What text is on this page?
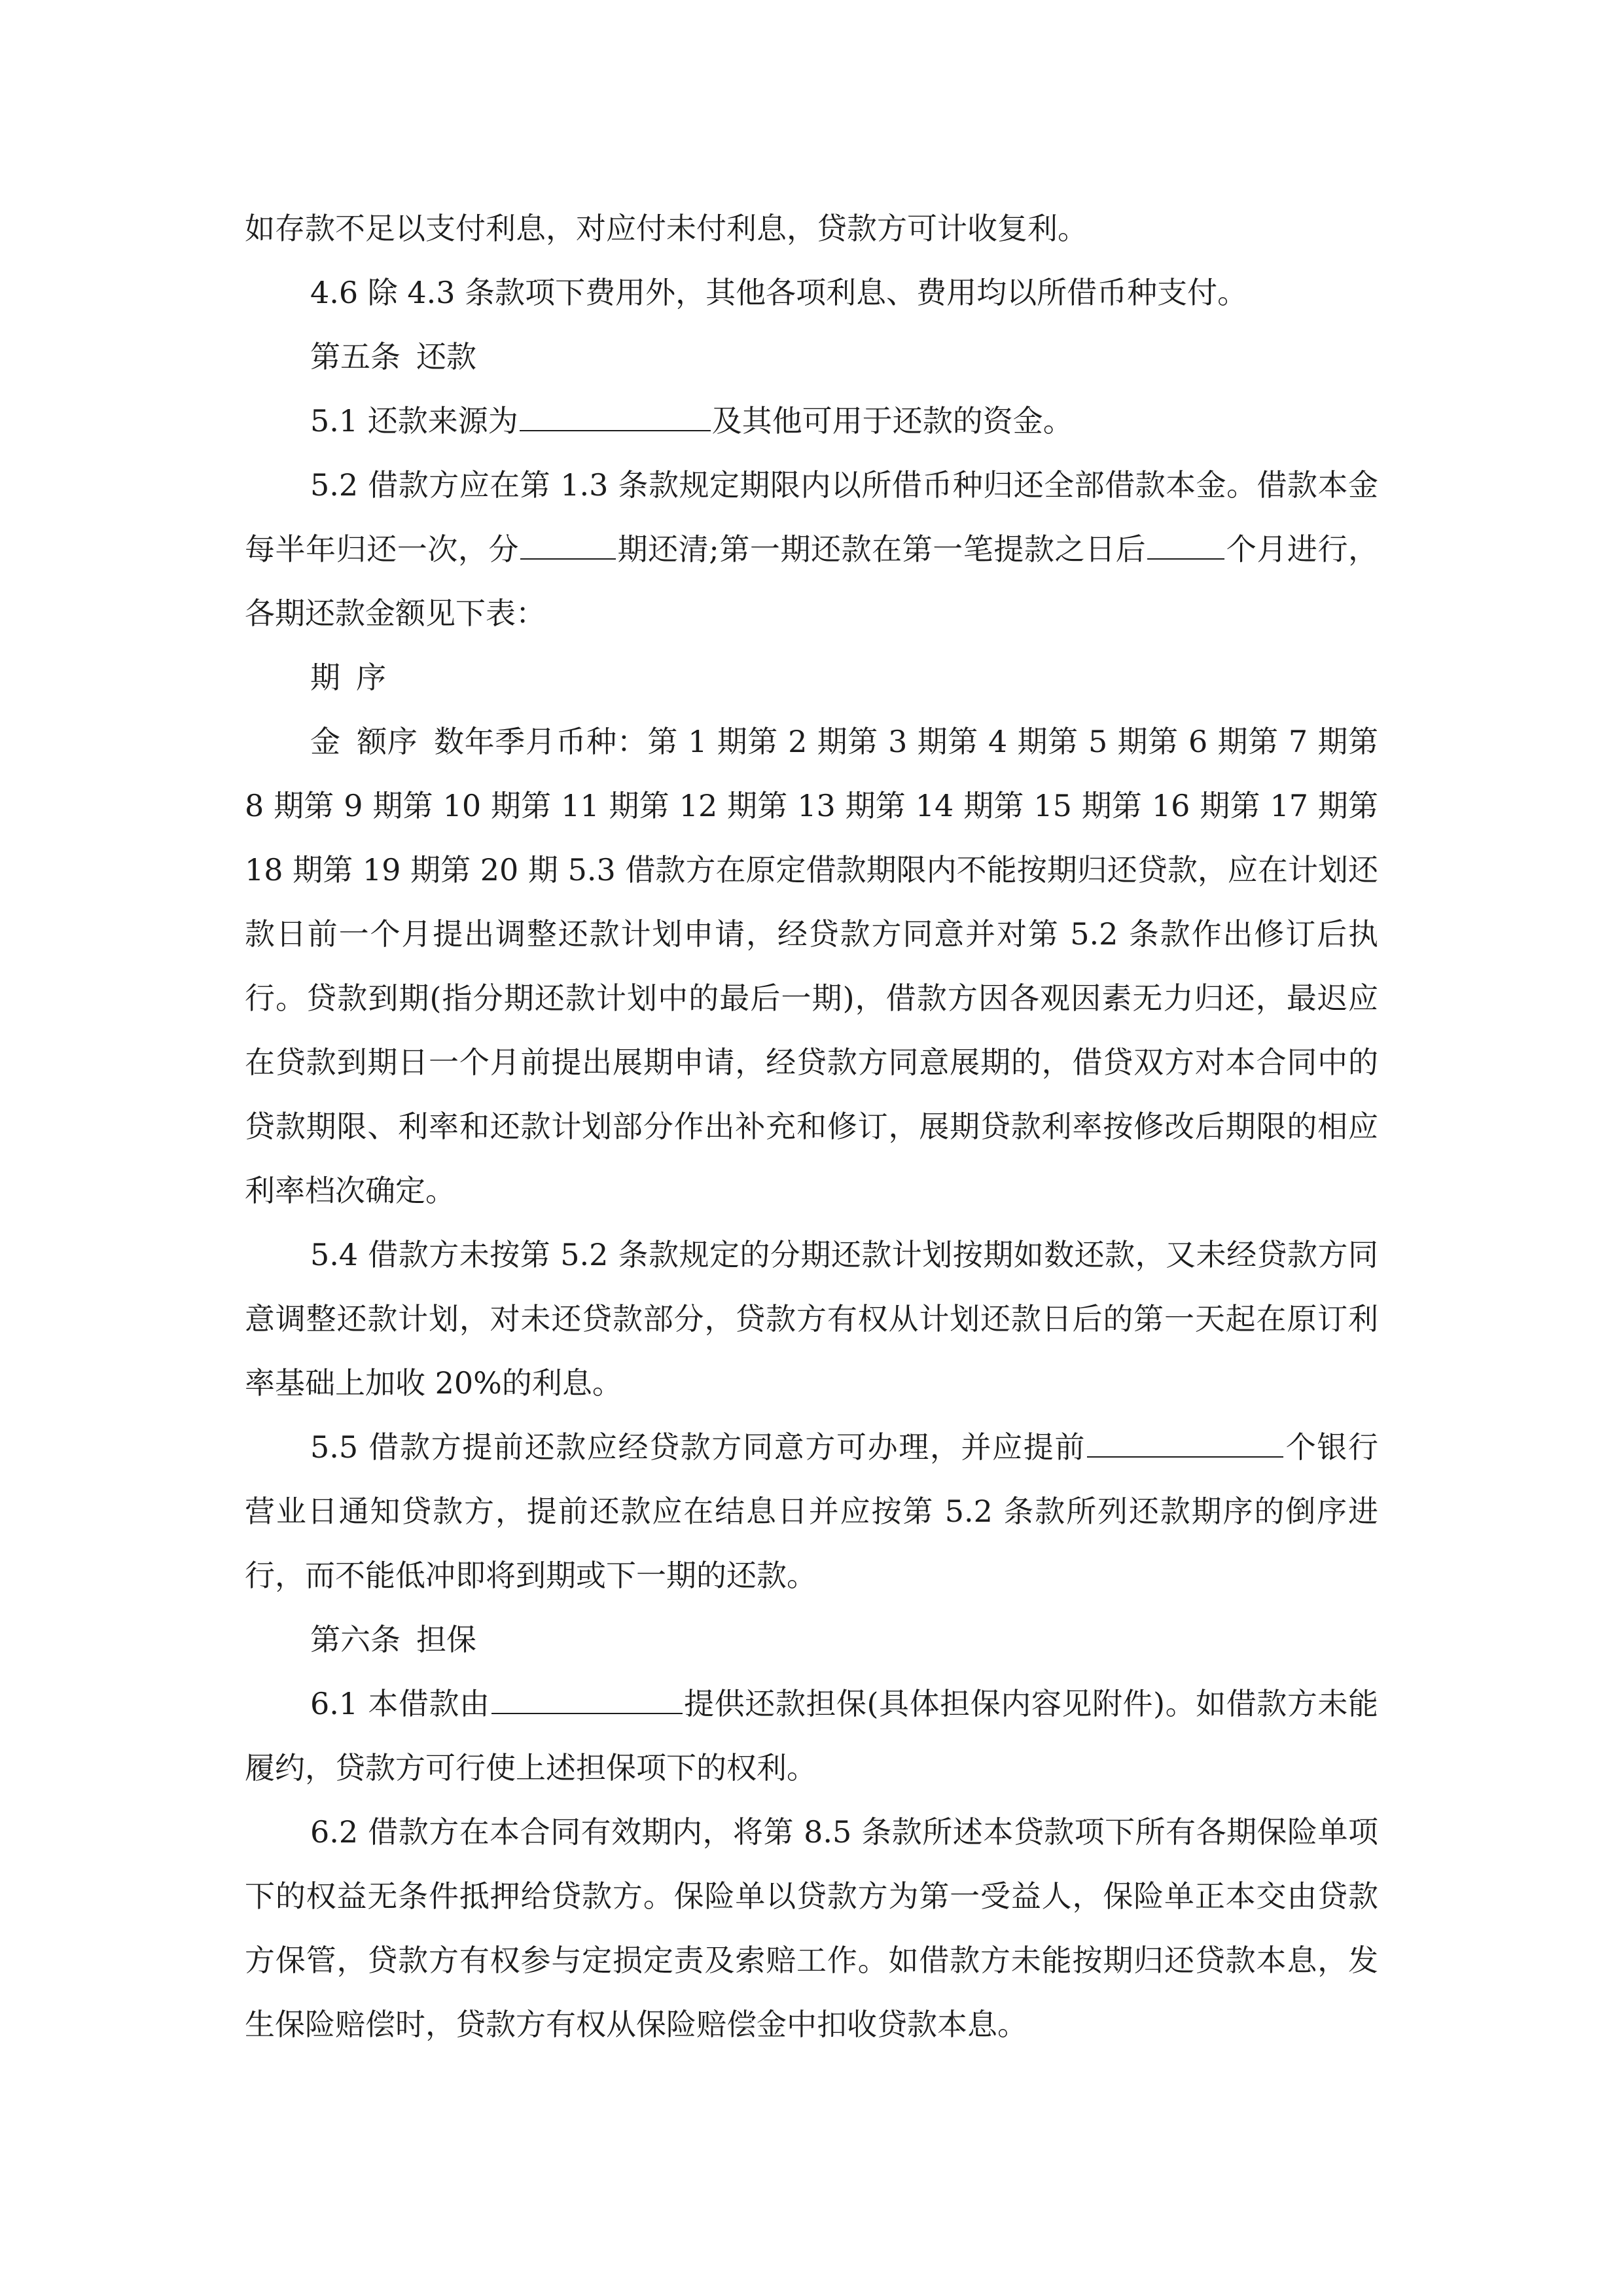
如存款不足以支付利息，对应付未付利息，贷款方可计收复利。

4.6 除 4.3 条款项下费用外，其他各项利息、费用均以所借币种支付。

第五条 还款

5.1 还款来源为	及其他可用于还款的资金。

5.2 借款方应在第 1.3 条款规定期限内以所借币种归还全部借款本金。借款本金每半年归还一次，分	期还清;第一期还款在第一笔提款之日后	个月进行，各期还款金额见下表：

期 序

金 额序 数年季月币种：第 1 期第 2 期第 3 期第 4 期第 5 期第 6 期第 7 期第 8 期第 9 期第 10 期第 11 期第 12 期第 13 期第 14 期第 15 期第 16 期第 17 期第 18 期第 19 期第 20 期 5.3 借款方在原定借款期限内不能按期归还贷款，应在计划还款日前一个月提出调整还款计划申请，经贷款方同意并对第 5.2 条款作出修订后执行。贷款到期(指分期还款计划中的最后一期)，借款方因各观因素无力归还，最迟应在贷款到期日一个月前提出展期申请，经贷款方同意展期的，借贷双方对本合同中的贷款期限、利率和还款计划部分作出补充和修订，展期贷款利率按修改后期限的相应利率档次确定。

5.4 借款方未按第 5.2 条款规定的分期还款计划按期如数还款，又未经贷款方同意调整还款计划，对未还贷款部分，贷款方有权从计划还款日后的第一天起在原订利率基础上加收 20%的利息。

5.5 借款方提前还款应经贷款方同意方可办理，并应提前	个银行营业日通知贷款方，提前还款应在结息日并应按第 5.2 条款所列还款期序的倒序进行，而不能低冲即将到期或下一期的还款。

第六条 担保

6.1 本借款由	提供还款担保(具体担保内容见附件)。如借款方未能履约，贷款方可行使上述担保项下的权利。

6.2 借款方在本合同有效期内，将第 8.5 条款所述本贷款项下所有各期保险单项下的权益无条件抵押给贷款方。保险单以贷款方为第一受益人，保险单正本交由贷款方保管，贷款方有权参与定损定责及索赔工作。如借款方未能按期归还贷款本息，发生保险赔偿时，贷款方有权从保险赔偿金中扣收贷款本息。
